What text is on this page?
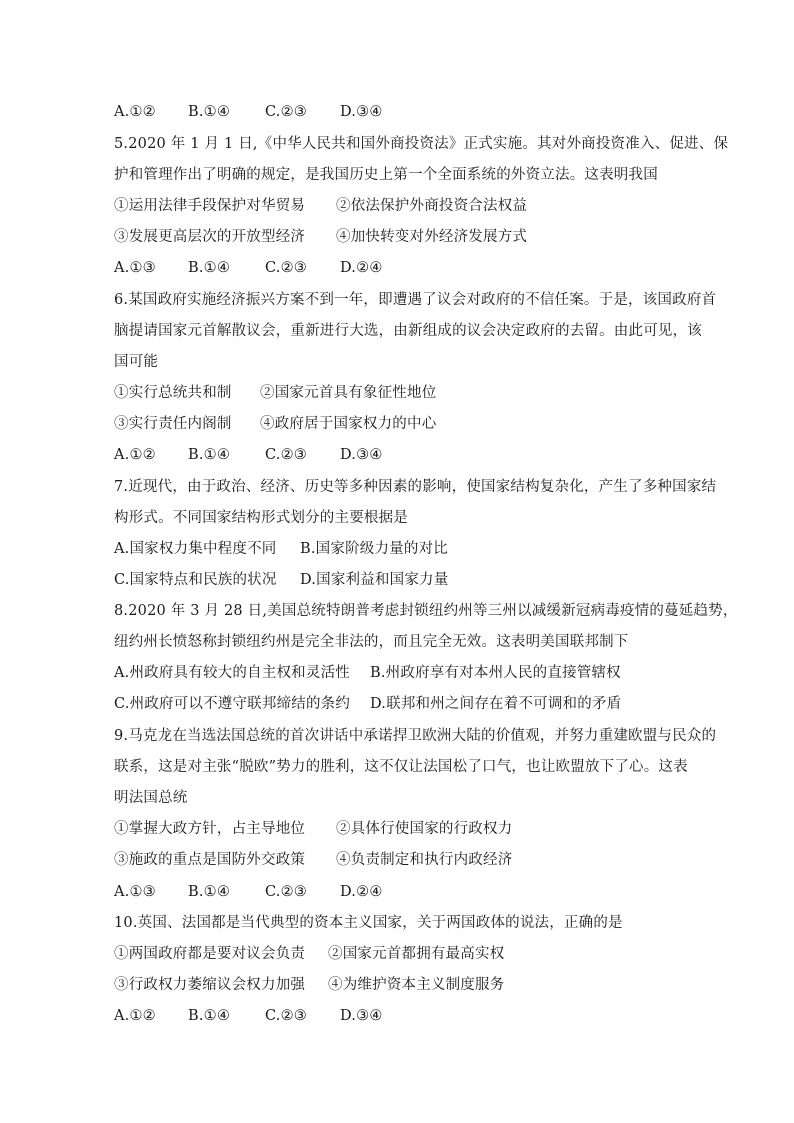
A.①② B.①④ C.②③ D.③④
5.2020 年 1 月 1 日,《中华人民共和国外商投资法》正式实施。其对外商投资准入、促进、保
护和管理作出了明确的规定，是我国历史上第一个全面系统的外资立法。这表明我国
①运用法律手段保护对华贸易 ②依法保护外商投资合法权益
③发展更高层次的开放型经济 ④加快转变对外经济发展方式
A.①③ B.①④ C.②③ D.②④
6.某国政府实施经济振兴方案不到一年，即遭遇了议会对政府的不信任案。于是，该国政府首
脑提请国家元首解散议会，重新进行大选，由新组成的议会决定政府的去留。由此可见，该
国可能
①实行总统共和制 ②国家元首具有象征性地位
③实行责任内阁制 ④政府居于国家权力的中心
A.①② B.①④ C.②③ D.③④
7.近现代，由于政治、经济、历史等多种因素的影响，使国家结构复杂化，产生了多种国家结
构形式。不同国家结构形式划分的主要根据是
A.国家权力集中程度不同 B.国家阶级力量的对比
C.国家特点和民族的状况 D.国家利益和国家力量
8.2020 年 3 月 28 日,美国总统特朗普考虑封锁纽约州等三州以减缓新冠病毒疫情的蔓延趋势，
纽约州长愤怒称封锁纽约州是完全非法的，而且完全无效。这表明美国联邦制下
A.州政府具有较大的自主权和灵活性 B.州政府享有对本州人民的直接管辖权
C.州政府可以不遵守联邦缔结的条约 D.联邦和州之间存在着不可调和的矛盾
9.马克龙在当选法国总统的首次讲话中承诺捍卫欧洲大陆的价值观，并努力重建欧盟与民众的
联系，这是对主张“脱欧”势力的胜利，这不仅让法国松了口气，也让欧盟放下了心。这表
明法国总统
①掌握大政方针，占主导地位 ②具体行使国家的行政权力
③施政的重点是国防外交政策 ④负责制定和执行内政经济
A.①③ B.①④ C.②③ D.②④
10.英国、法国都是当代典型的资本主义国家，关于两国政体的说法，正确的是
①两国政府都是要对议会负责 ②国家元首都拥有最高实权
③行政权力萎缩议会权力加强 ④为维护资本主义制度服务
A.①② B.①④ C.②③ D.③④
